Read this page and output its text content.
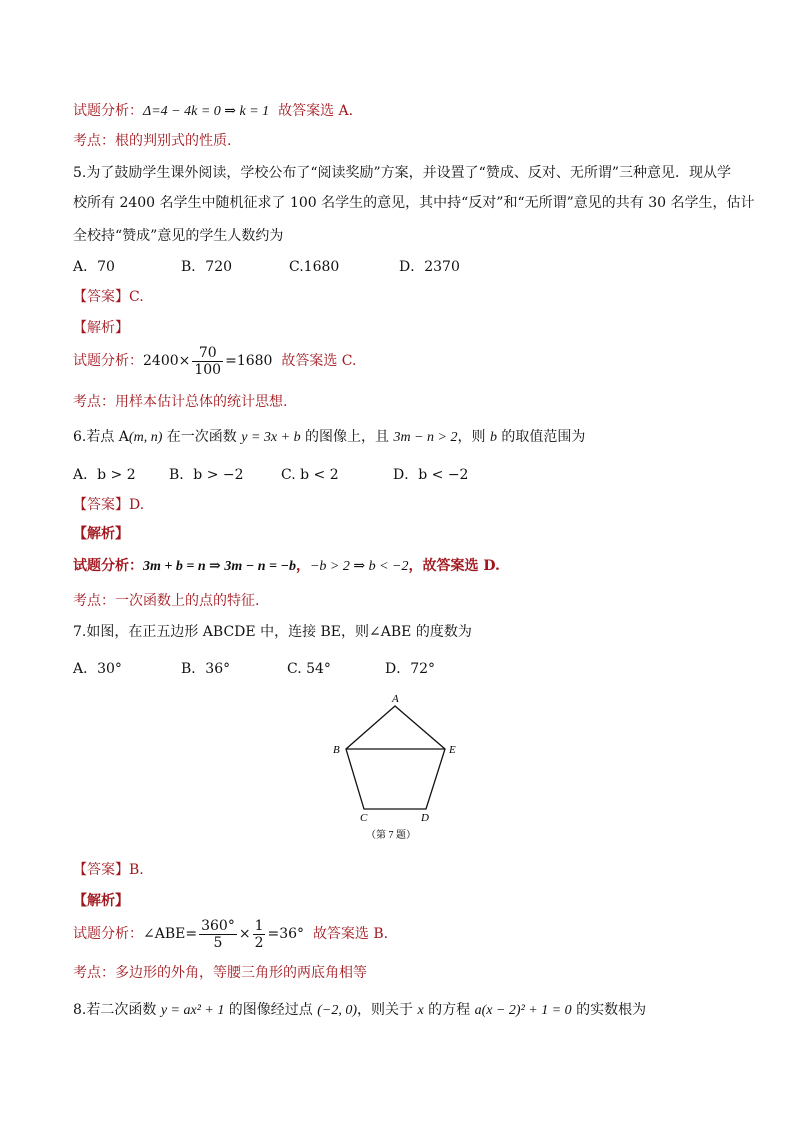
试题分析：Δ=4 − 4k = 0 ⇒ k = 1 故答案选 A.
考点：根的判别式的性质.
5.为了鼓励学生课外阅读，学校公布了“阅读奖励”方案，并设置了“赞成、反对、无所谓”三种意见．现从学
校所有 2400 名学生中随机征求了 100 名学生的意见，其中持“反对”和“无所谓”意见的共有 30 名学生，估计
全校持“赞成”意见的学生人数约为
A．70	B．720	C.1680	D．2370
【答案】C.
【解析】
试题分析：$2400\times \frac{70}{100} =1680$ 故答案选 C.
考点：用样本估计总体的统计思想.
6.若点 A(m, n) 在一次函数 y = 3x + b 的图像上，且 3m − n > 2，则 b 的取值范围为
A．b > 2 B．b > −2	C. b < 2	D．b < −2
【答案】D.
【解析】
试题分析：3m + b = n ⇒ 3m − n = −b，−b > 2 ⇒ b < −2，故答案选 D.
考点：一次函数上的点的特征.
7.如图，在正五边形 ABCDE 中，连接 BE，则∠ABE 的度数为
A．30°	B．36°	C. 54°	D．72°
A
B	E
C	D
（第 7 题）
【答案】B.
【解析】
试题分析：∠ABE= $\frac{360^\circ}{5} \times \frac{1}{2} =36^\circ$ 故答案选 B.
考点：多边形的外角，等腰三角形的两底角相等
8.若二次函数 y = ax² + 1 的图像经过点 (−2, 0)，则关于 x 的方程 a(x − 2)² + 1 = 0 的实数根为
